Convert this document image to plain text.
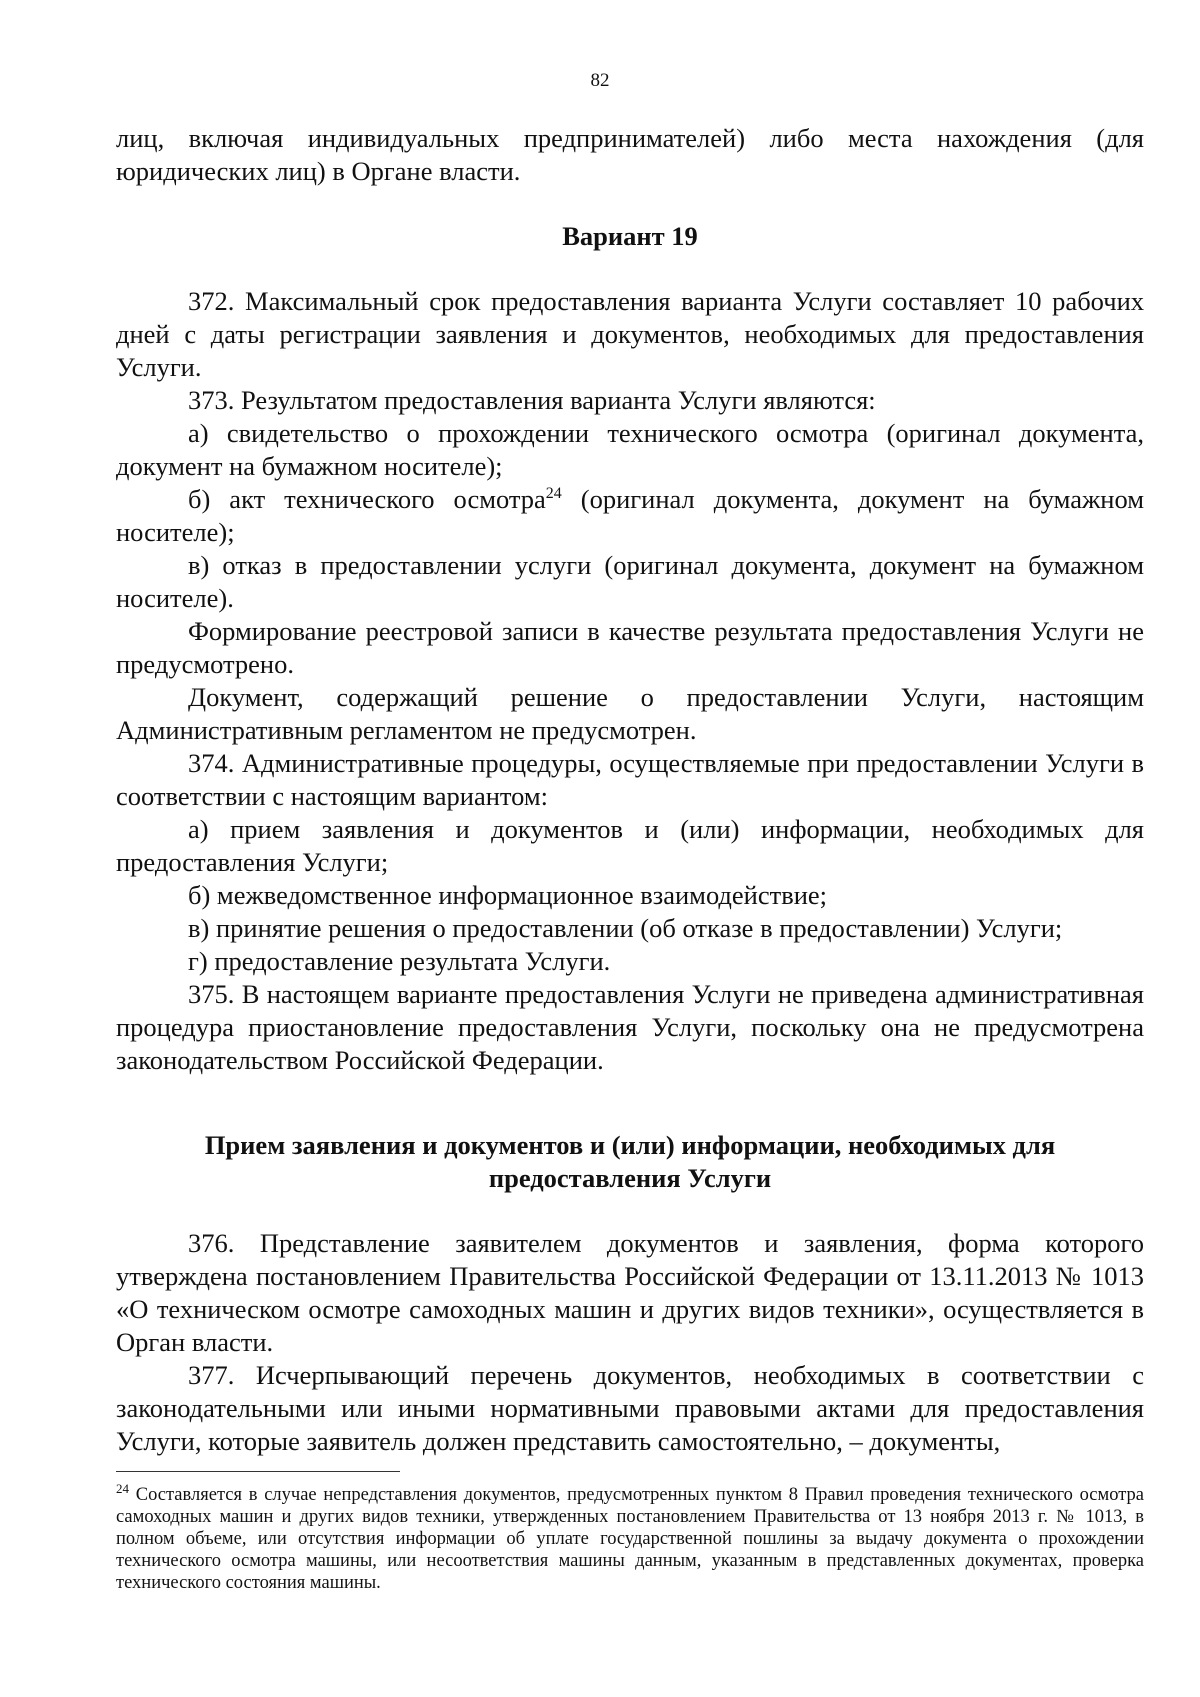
82

лиц, включая индивидуальных предпринимателей) либо места нахождения (для юридических лиц) в Органе власти.

Вариант 19

372. Максимальный срок предоставления варианта Услуги составляет 10 рабочих дней с даты регистрации заявления и документов, необходимых для предоставления Услуги.

373. Результатом предоставления варианта Услуги являются:

а) свидетельство о прохождении технического осмотра (оригинал документа, документ на бумажном носителе);

б) акт технического осмотра$^{24}$ (оригинал документа, документ на бумажном носителе);

в) отказ в предоставлении услуги (оригинал документа, документ на бумажном носителе).

Формирование реестровой записи в качестве результата предоставления Услуги не предусмотрено.

Документ, содержащий решение о предоставлении Услуги, настоящим Административным регламентом не предусмотрен.

374. Административные процедуры, осуществляемые при предоставлении Услуги в соответствии с настоящим вариантом:

а) прием заявления и документов и (или) информации, необходимых для предоставления Услуги;

б) межведомственное информационное взаимодействие;

в) принятие решения о предоставлении (об отказе в предоставлении) Услуги;

г) предоставление результата Услуги.

375. В настоящем варианте предоставления Услуги не приведена административная процедура приостановление предоставления Услуги, поскольку она не предусмотрена законодательством Российской Федерации.

Прием заявления и документов и (или) информации, необходимых для предоставления Услуги

376. Представление заявителем документов и заявления, форма которого утверждена постановлением Правительства Российской Федерации от 13.11.2013 № 1013 «О техническом осмотре самоходных машин и других видов техники», осуществляется в Орган власти.

377. Исчерпывающий перечень документов, необходимых в соответствии с законодательными или иными нормативными правовыми актами для предоставления Услуги, которые заявитель должен представить самостоятельно, – документы,

$^{24}$ Составляется в случае непредставления документов, предусмотренных пунктом 8 Правил проведения технического осмотра самоходных машин и других видов техники, утвержденных постановлением Правительства от 13 ноября 2013 г. № 1013, в полном объеме, или отсутствия информации об уплате государственной пошлины за выдачу документа о прохождении технического осмотра машины, или несоответствия машины данным, указанным в представленных документах, проверка технического состояния машины.
